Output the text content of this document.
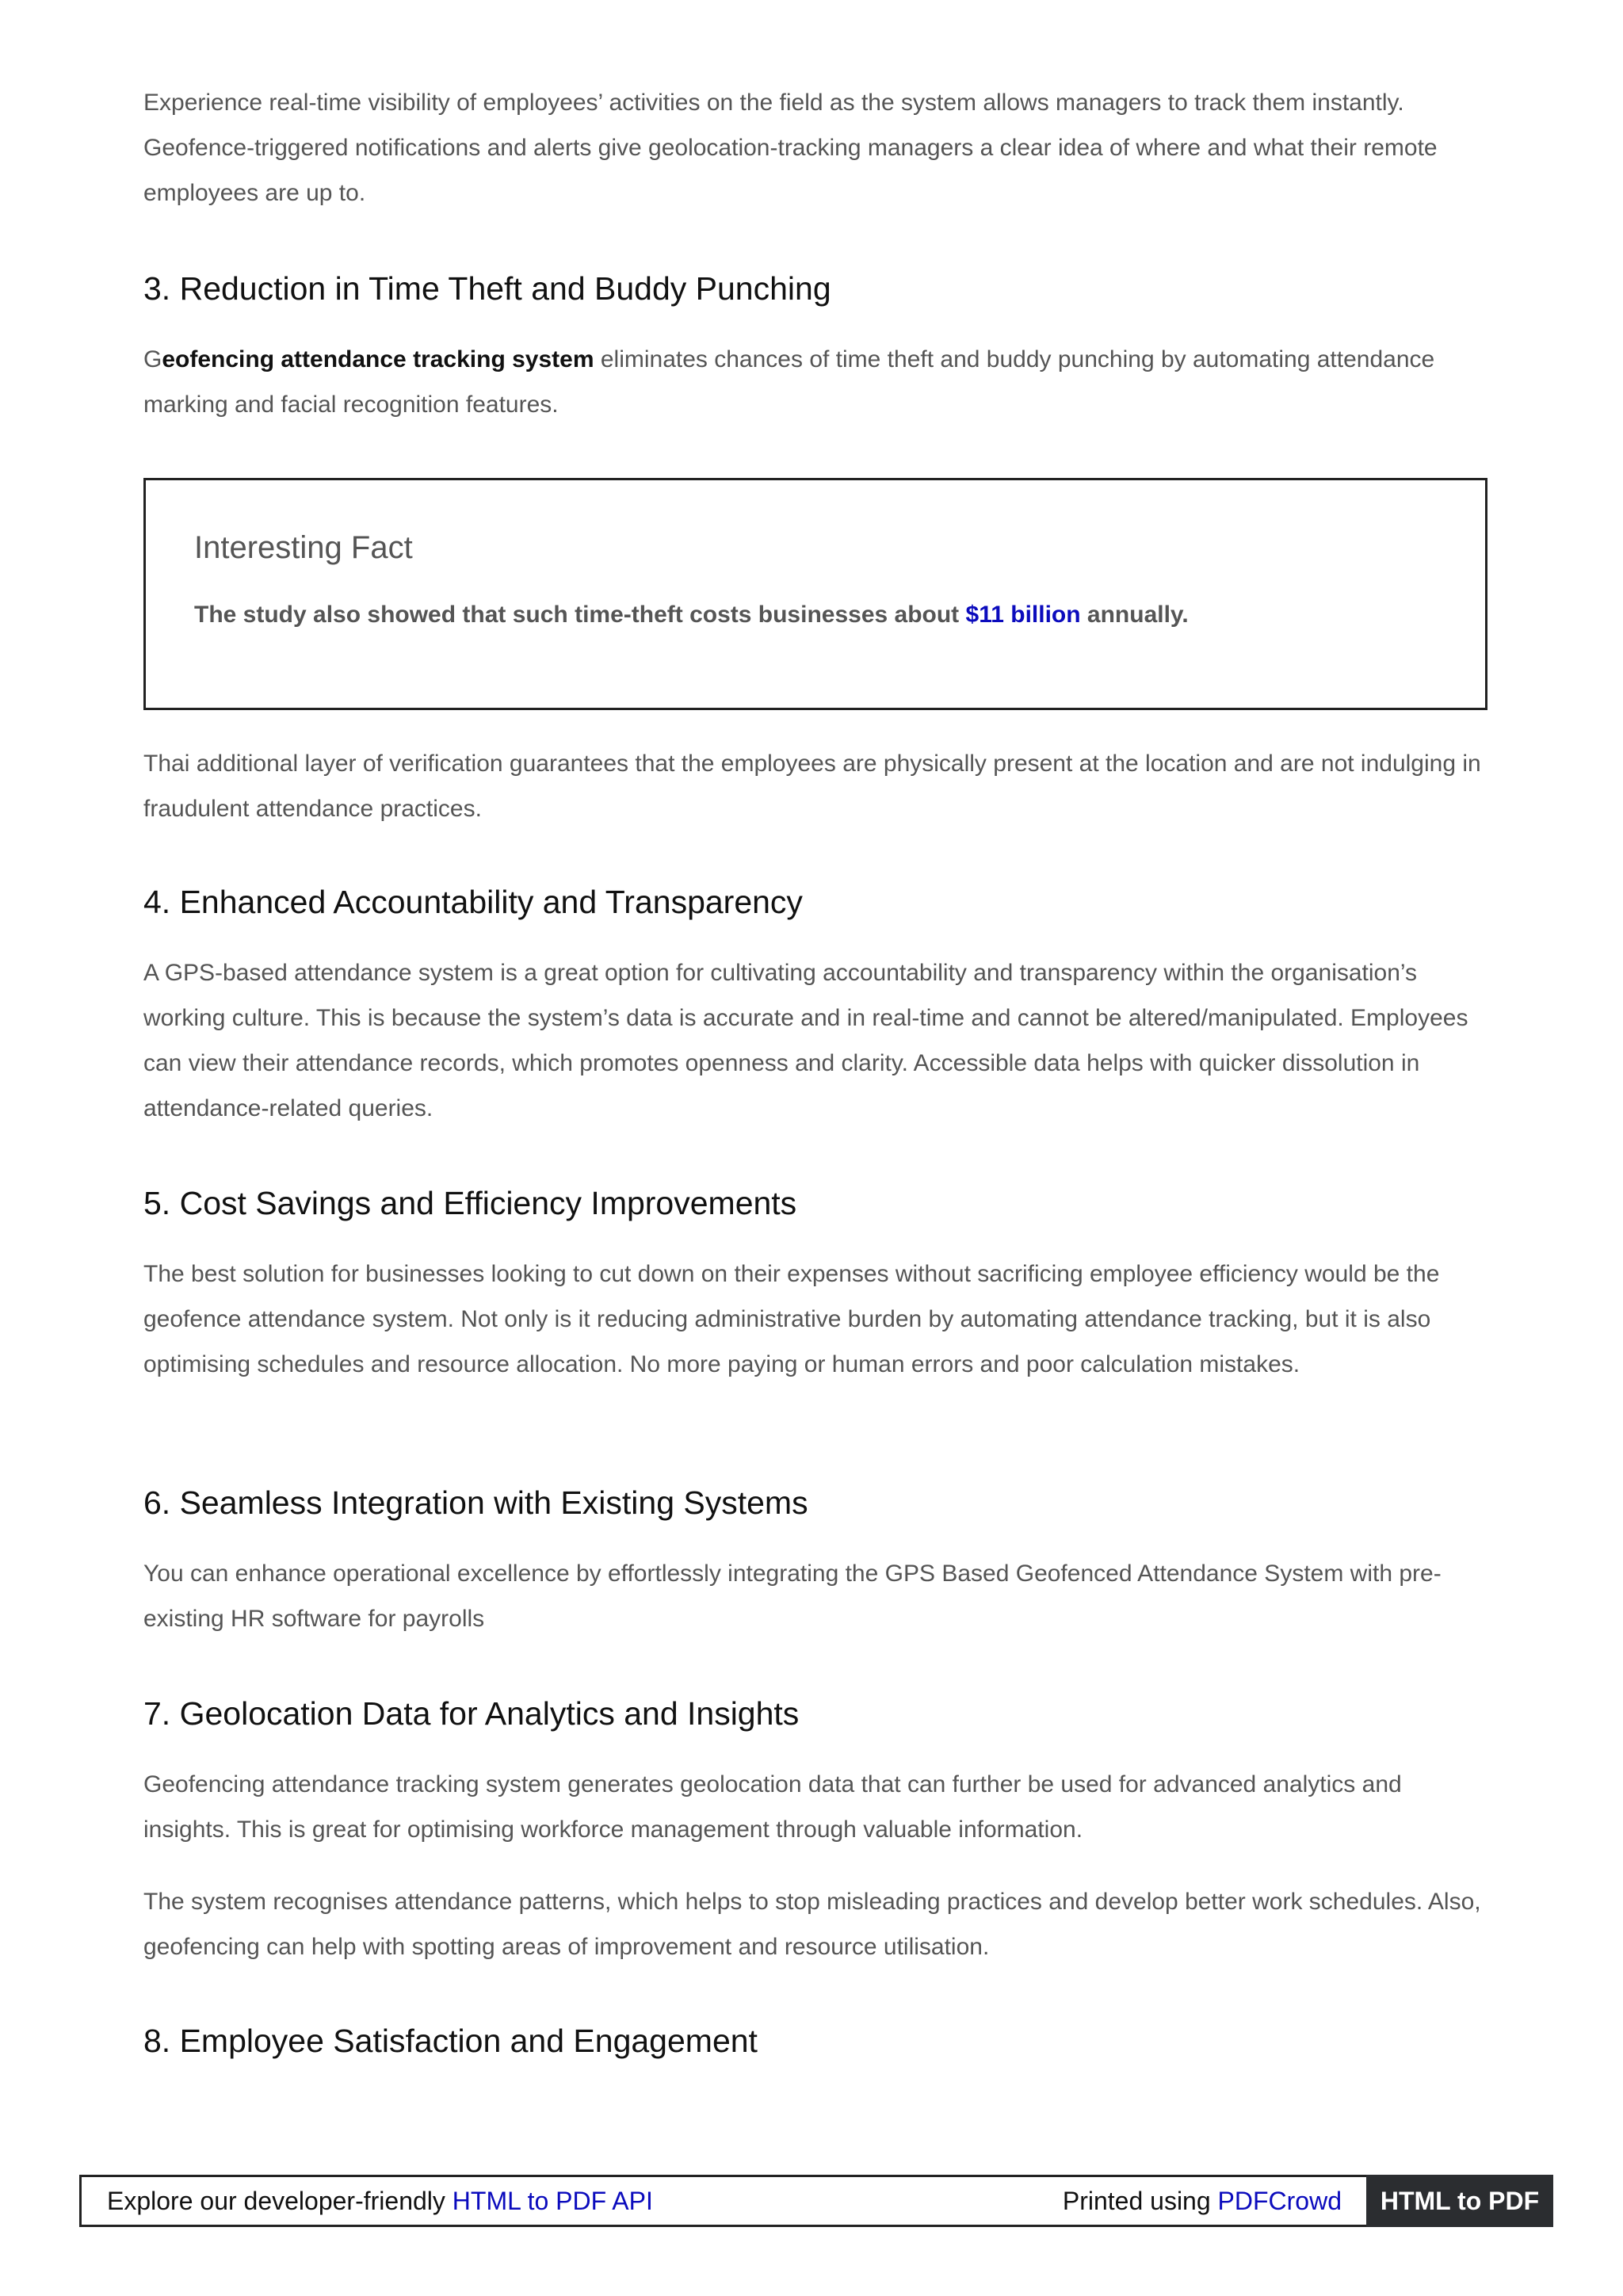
Experience real-time visibility of employees’ activities on the field as the system allows managers to track them instantly. Geofence-triggered notifications and alerts give geolocation-tracking managers a clear idea of where and what their remote employees are up to.

3. Reduction in Time Theft and Buddy Punching

Geofencing attendance tracking system eliminates chances of time theft and buddy punching by automating attendance marking and facial recognition features.

Thai additional layer of verification guarantees that the employees are physically present at the location and are not indulging in fraudulent attendance practices.

4. Enhanced Accountability and Transparency

A GPS-based attendance system is a great option for cultivating accountability and transparency within the organisation’s working culture. This is because the system’s data is accurate and in real-time and cannot be altered/manipulated. Employees can view their attendance records, which promotes openness and clarity. Accessible data helps with quicker dissolution in attendance-related queries.

5. Cost Savings and Efficiency Improvements

The best solution for businesses looking to cut down on their expenses without sacrificing employee efficiency would be the geofence attendance system. Not only is it reducing administrative burden by automating attendance tracking, but it is also optimising schedules and resource allocation. No more paying or human errors and poor calculation mistakes.

6. Seamless Integration with Existing Systems

You can enhance operational excellence by effortlessly integrating the GPS Based Geofenced Attendance System with pre-existing HR software for payrolls

7. Geolocation Data for Analytics and Insights

Geofencing attendance tracking system generates geolocation data that can further be used for advanced analytics and insights. This is great for optimising workforce management through valuable information.

The system recognises attendance patterns, which helps to stop misleading practices and develop better work schedules. Also, geofencing can help with spotting areas of improvement and resource utilisation.

8. Employee Satisfaction and Engagement
Interesting Fact
The study also showed that such time-theft costs businesses about $11 billion annually.
Explore our developer-friendly HTML to PDF API	Printed using PDFCrowd	HTML to PDF
